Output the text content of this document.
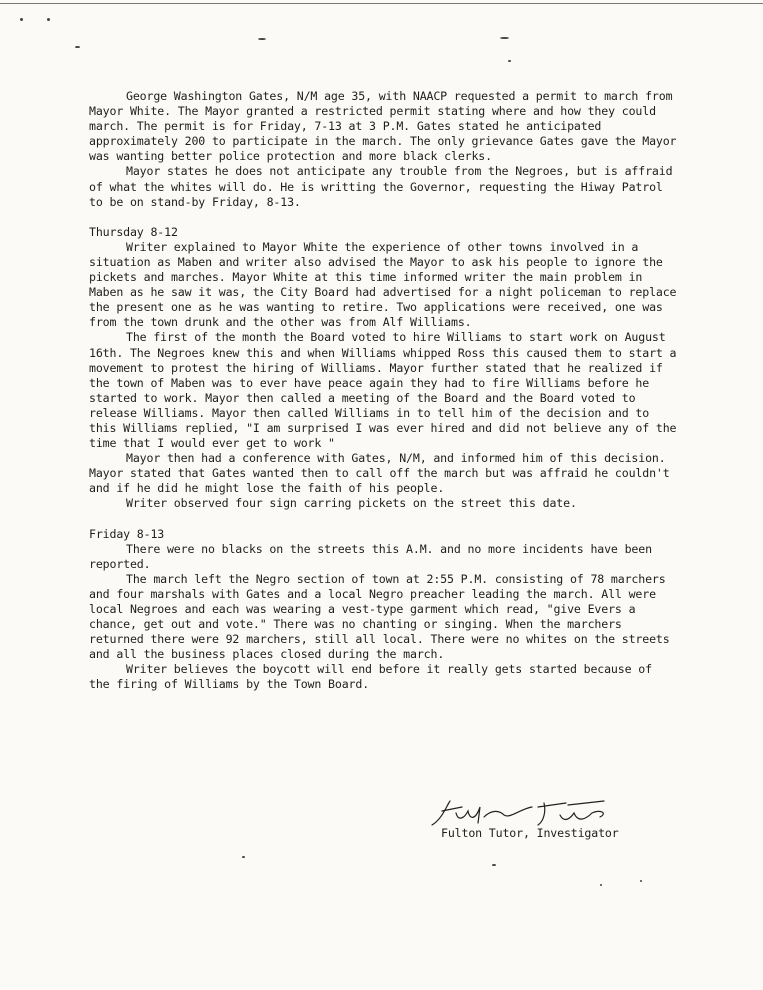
George Washington Gates, N/M age 35, with NAACP requested a permit to march from Mayor White. The Mayor granted a restricted permit stating where and how they could march. The permit is for Friday, 7-13 at 3 P.M. Gates stated he anticipated approximately 200 to participate in the march. The only grievance Gates gave the Mayor was wanting better police protection and more black clerks.

Mayor states he does not anticipate any trouble from the Negroes, but is affraid of what the whites will do. He is writting the Governor, requesting the Hiway Patrol to be on stand-by Friday, 8-13.

Thursday 8-12

Writer explained to Mayor White the experience of other towns involved in a situation as Maben and writer also advised the Mayor to ask his people to ignore the pickets and marches. Mayor White at this time informed writer the main problem in Maben as he saw it was, the City Board had advertised for a night policeman to replace the present one as he was wanting to retire. Two applications were received, one was from the town drunk and the other was from Alf Williams.

The first of the month the Board voted to hire Williams to start work on August 16th. The Negroes knew this and when Williams whipped Ross this caused them to start a movement to protest the hiring of Williams. Mayor further stated that he realized if the town of Maben was to ever have peace again they had to fire Williams before he started to work. Mayor then called a meeting of the Board and the Board voted to release Williams. Mayor then called Williams in to tell him of the decision and to this Williams replied, "I am surprised I was ever hired and did not believe any of the time that I would ever get to work "

Mayor then had a conference with Gates, N/M, and informed him of this decision. Mayor stated that Gates wanted then to call off the march but was affraid he couldn't and if he did he might lose the faith of his people.

Writer observed four sign carring pickets on the street this date.

Friday 8-13

There were no blacks on the streets this A.M. and no more incidents have been reported.

The march left the Negro section of town at 2:55 P.M. consisting of 78 marchers and four marshals with Gates and a local Negro preacher leading the march. All were local Negroes and each was wearing a vest-type garment which read, "give Evers a chance, get out and vote." There was no chanting or singing. When the marchers returned there were 92 marchers, still all local. There were no whites on the streets and all the business places closed during the march.

Writer believes the boycott will end before it really gets started because of the firing of Williams by the Town Board.

Fulton Tutor, Investigator
